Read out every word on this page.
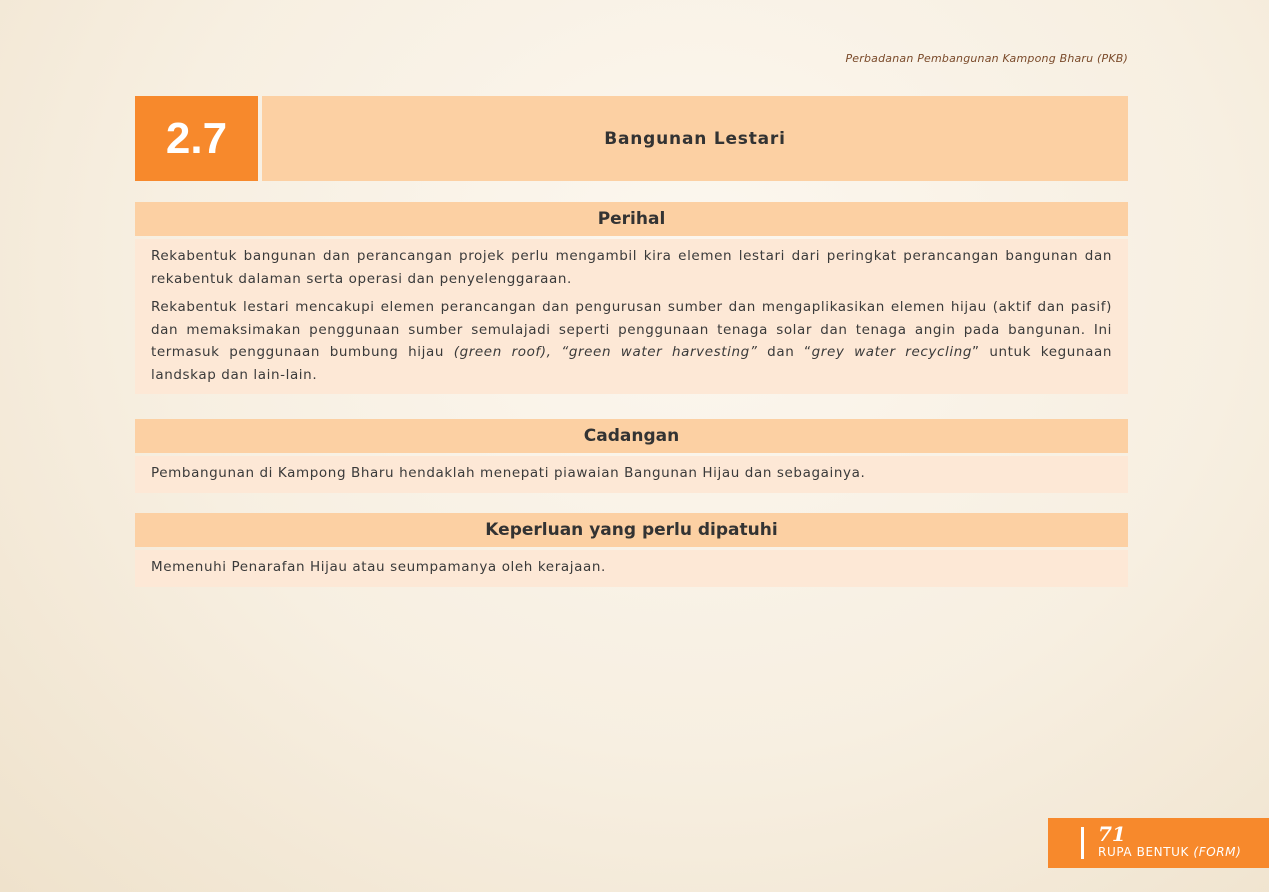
Perbadanan Pembangunan Kampong Bharu (PKB)
2.7	Bangunan Lestari
Perihal

Rekabentuk bangunan dan perancangan projek perlu mengambil kira elemen lestari dari peringkat perancangan bangunan dan rekabentuk dalaman serta operasi dan penyelenggaraan.

Rekabentuk lestari mencakupi elemen perancangan dan pengurusan sumber dan mengaplikasikan elemen hijau (aktif dan pasif) dan memaksimakan penggunaan sumber semulajadi seperti penggunaan tenaga solar dan tenaga angin pada bangunan. Ini termasuk penggunaan bumbung hijau (green roof), “green water harvesting” dan “grey water recycling” untuk kegunaan landskap dan lain-lain.

Cadangan

Pembangunan di Kampong Bharu hendaklah menepati piawaian Bangunan Hijau dan sebagainya.

Keperluan yang perlu dipatuhi

Memenuhi Penarafan Hijau atau seumpamanya oleh kerajaan.

71
RUPA BENTUK (FORM)
